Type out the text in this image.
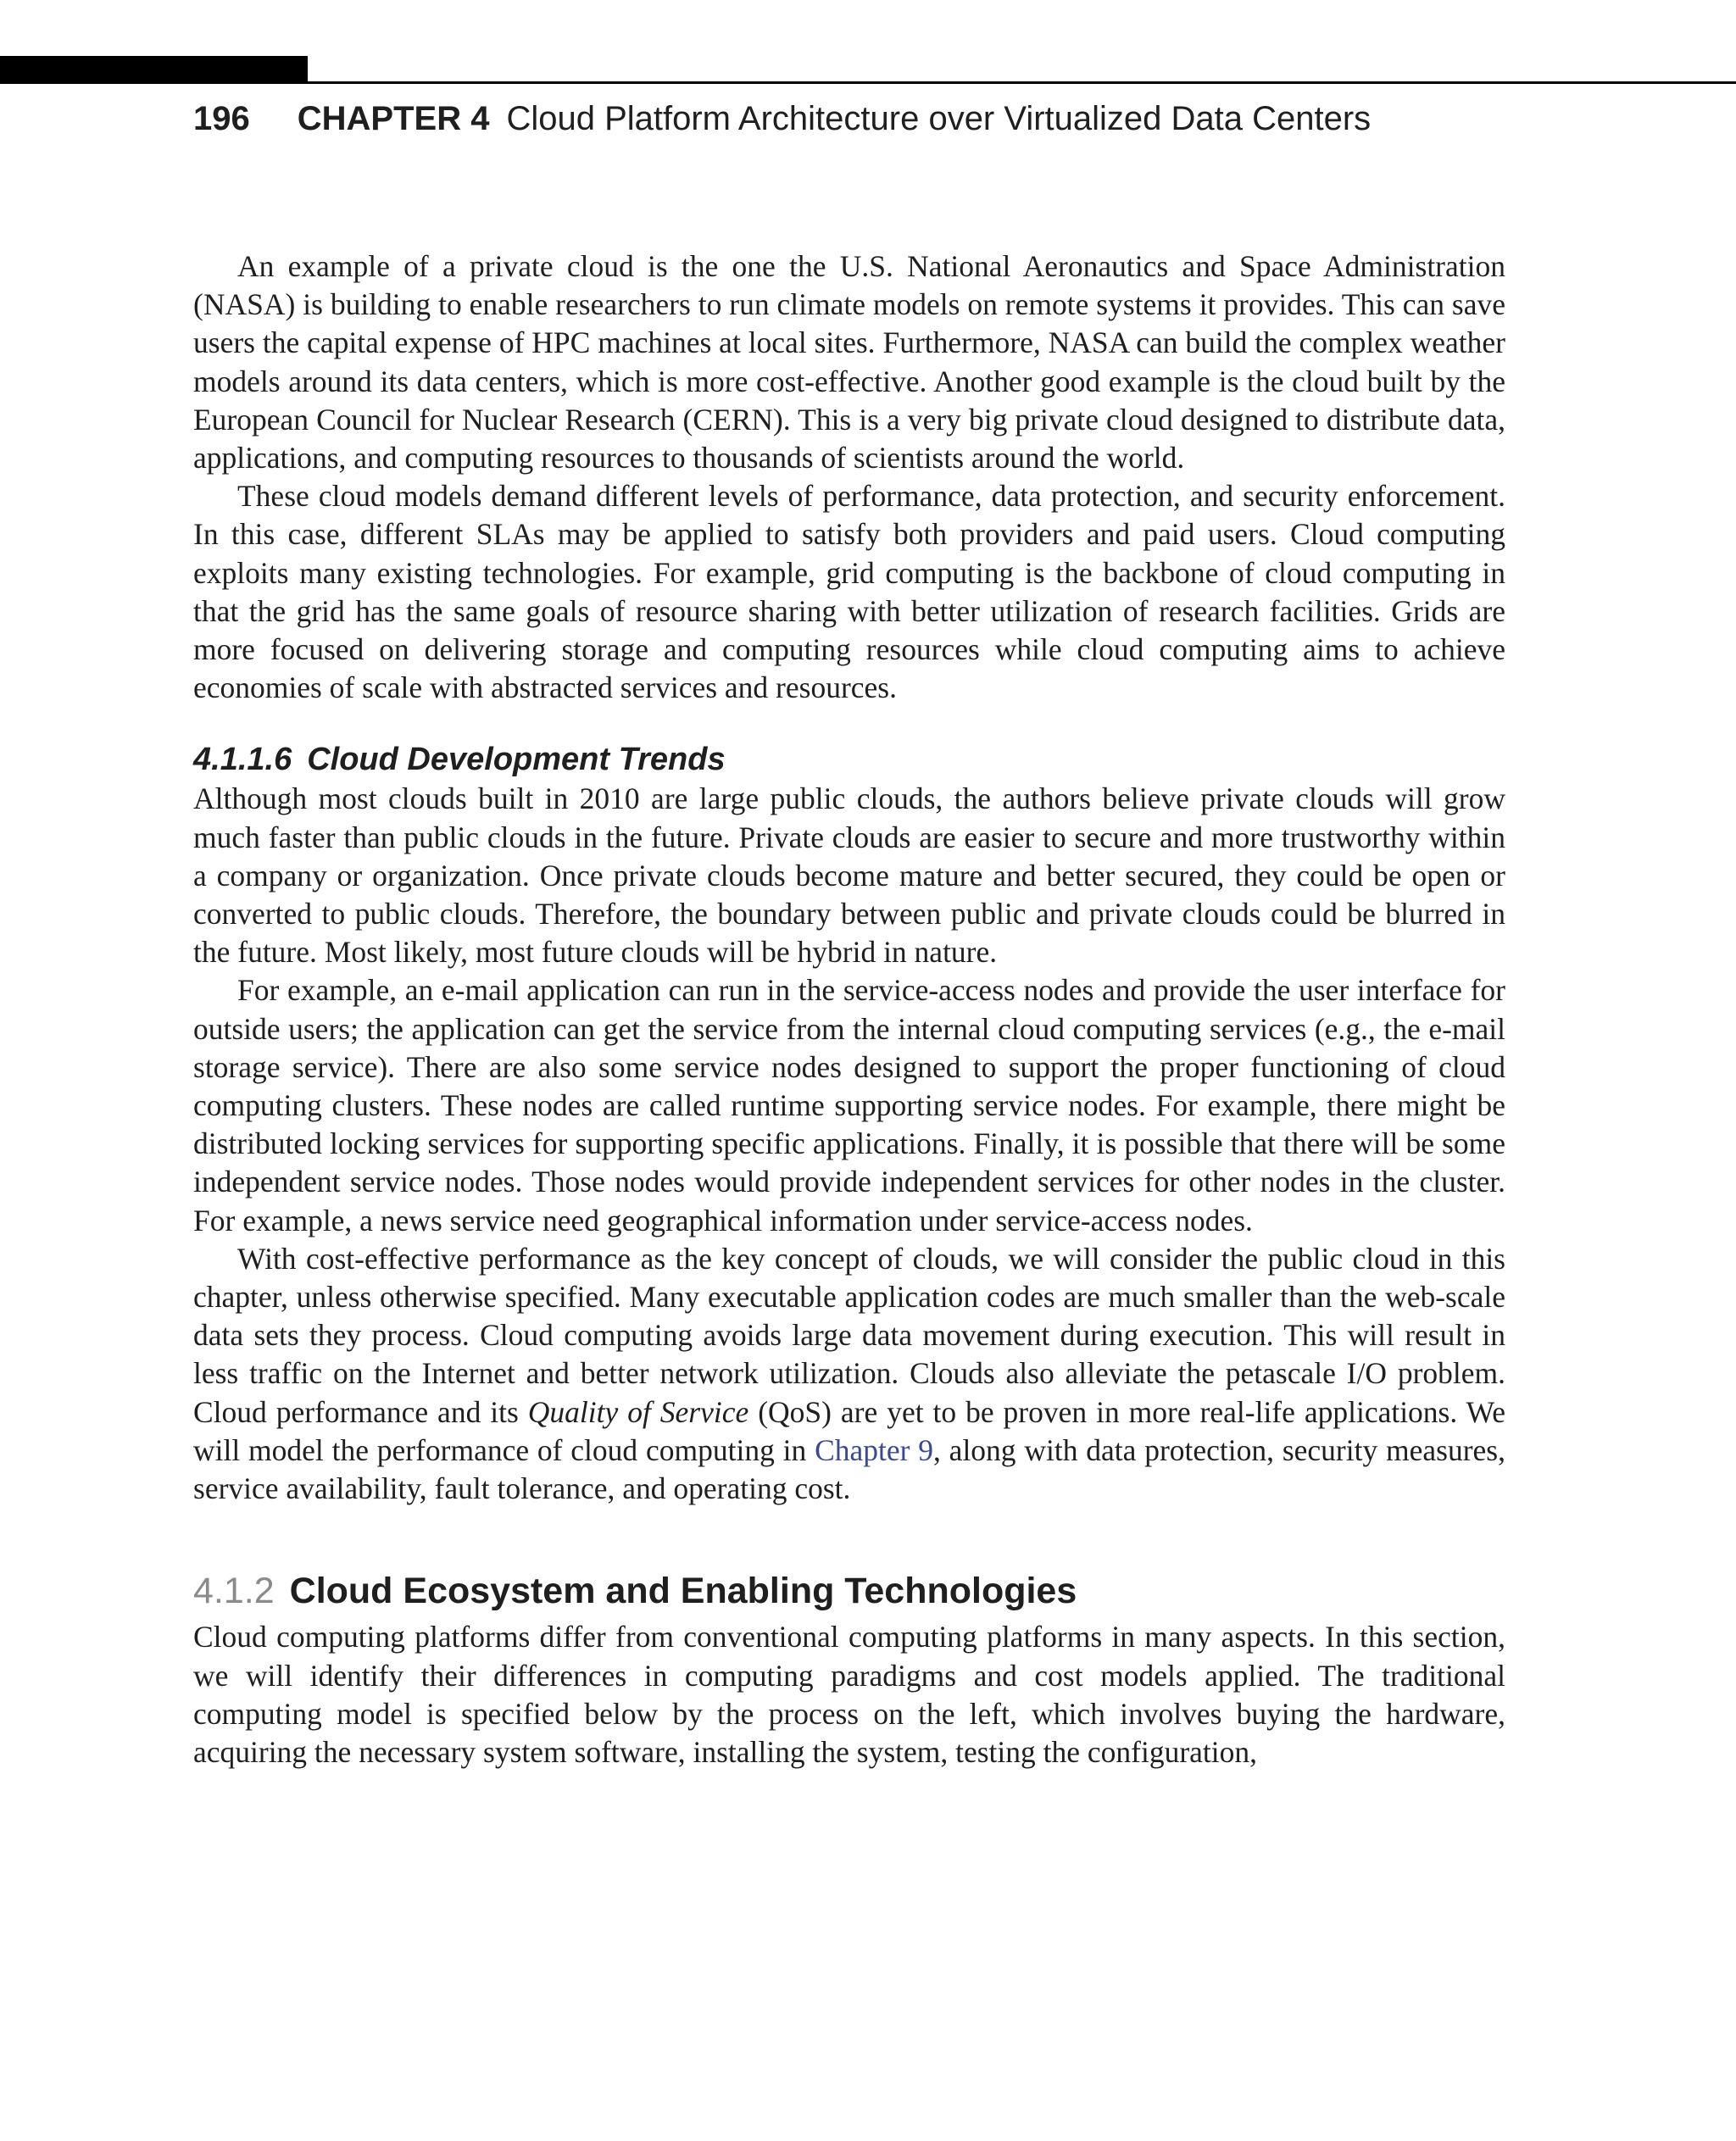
196 CHAPTER 4 Cloud Platform Architecture over Virtualized Data Centers

An example of a private cloud is the one the U.S. National Aeronautics and Space Administration (NASA) is building to enable researchers to run climate models on remote systems it provides. This can save users the capital expense of HPC machines at local sites. Furthermore, NASA can build the complex weather models around its data centers, which is more cost-effective. Another good example is the cloud built by the European Council for Nuclear Research (CERN). This is a very big private cloud designed to distribute data, applications, and computing resources to thousands of scientists around the world.

These cloud models demand different levels of performance, data protection, and security enforcement. In this case, different SLAs may be applied to satisfy both providers and paid users. Cloud computing exploits many existing technologies. For example, grid computing is the backbone of cloud computing in that the grid has the same goals of resource sharing with better utilization of research facilities. Grids are more focused on delivering storage and computing resources while cloud computing aims to achieve economies of scale with abstracted services and resources.

4.1.1.6 Cloud Development Trends

Although most clouds built in 2010 are large public clouds, the authors believe private clouds will grow much faster than public clouds in the future. Private clouds are easier to secure and more trustworthy within a company or organization. Once private clouds become mature and better secured, they could be open or converted to public clouds. Therefore, the boundary between public and private clouds could be blurred in the future. Most likely, most future clouds will be hybrid in nature.

For example, an e-mail application can run in the service-access nodes and provide the user interface for outside users; the application can get the service from the internal cloud computing services (e.g., the e-mail storage service). There are also some service nodes designed to support the proper functioning of cloud computing clusters. These nodes are called runtime supporting service nodes. For example, there might be distributed locking services for supporting specific applications. Finally, it is possible that there will be some independent service nodes. Those nodes would provide independent services for other nodes in the cluster. For example, a news service need geographical information under service-access nodes.

With cost-effective performance as the key concept of clouds, we will consider the public cloud in this chapter, unless otherwise specified. Many executable application codes are much smaller than the web-scale data sets they process. Cloud computing avoids large data movement during execution. This will result in less traffic on the Internet and better network utilization. Clouds also alleviate the petascale I/O problem. Cloud performance and its Quality of Service (QoS) are yet to be proven in more real-life applications. We will model the performance of cloud computing in Chapter 9, along with data protection, security measures, service availability, fault tolerance, and operating cost.

4.1.2 Cloud Ecosystem and Enabling Technologies

Cloud computing platforms differ from conventional computing platforms in many aspects. In this section, we will identify their differences in computing paradigms and cost models applied. The traditional computing model is specified below by the process on the left, which involves buying the hardware, acquiring the necessary system software, installing the system, testing the configuration,
